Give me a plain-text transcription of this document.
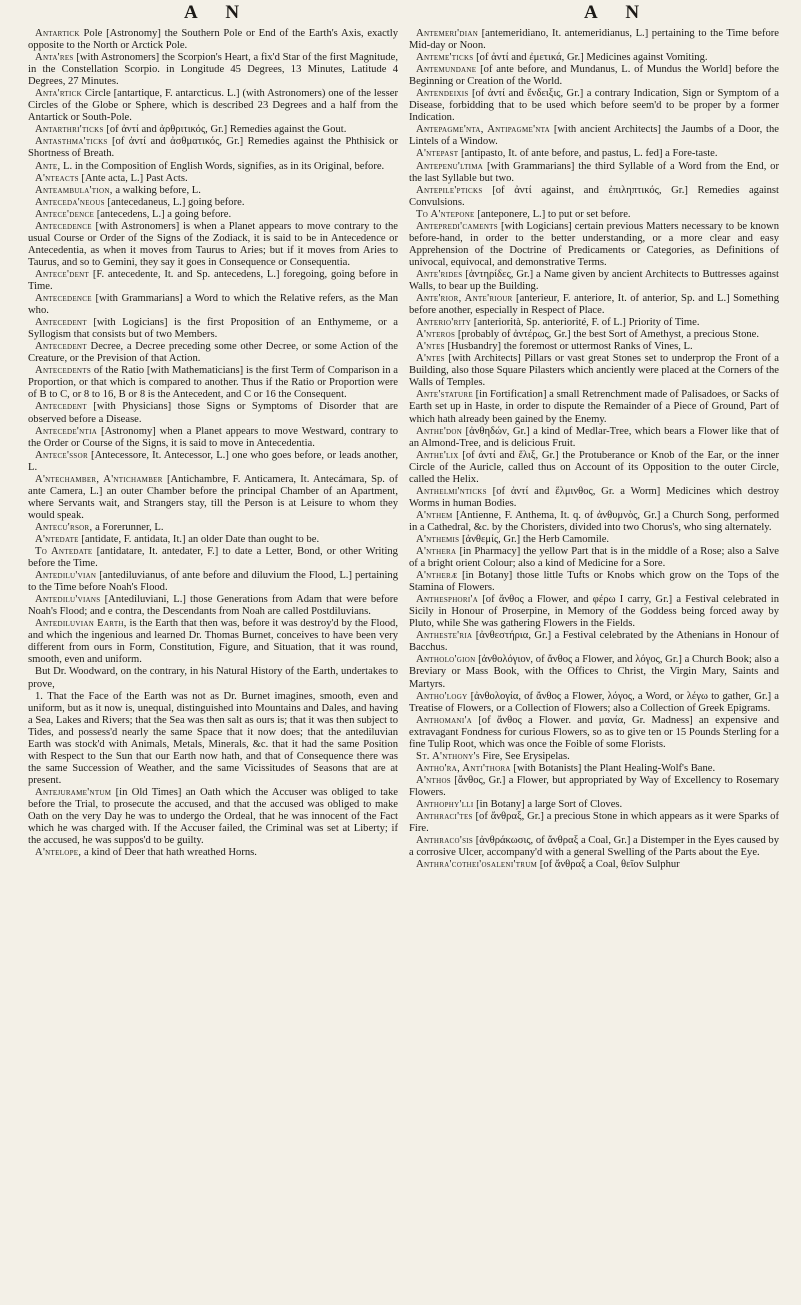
A N	A N

Antartick Pole [Astronomy] the Southern Pole or End of the Earth's Axis, exactly opposite to the North or Arctick Pole.

Anta'res [with Astronomers] the Scorpion's Heart, a fix'd Star of the first Magnitude, in the Constellation Scorpio. in Longitude 45 Degrees, 13 Minutes, Latitude 4 Degrees, 27 Minutes.

Anta'rtick Circle [antartique, F. antarcticus. L.] (with Astronomers) one of the lesser Circles of the Globe or Sphere, which is described 23 Degrees and a half from the Antartick or South-Pole.

Antarthri'ticks [of ἀντί and ἀρθριτικός, Gr.] Remedies against the Gout.

Antasthma'ticks [of ἀντί and ἀσθματικός, Gr.] Remedies against the Phthisick or Shortness of Breath.

Ante, L. in the Composition of English Words, signifies, as in its Original, before.

A'nteacts [Ante acta, L.] Past Acts.

Anteambula'tion, a walking before, L.

Anteceda'neous [antecedaneus, L.] going before.

Antece'dence [antecedens, L.] a going before.

Antecedence [with Astronomers] is when a Planet appears to move contrary to the usual Course or Order of the Signs of the Zodiack, it is said to be in Antecedence or Antecedentia, as when it moves from Taurus to Aries; but if it moves from Aries to Taurus, and so to Gemini, they say it goes in Consequence or Consequentia.

Antece'dent [F. antecedente, It. and Sp. antecedens, L.] foregoing, going before in Time.

Antecedence [with Grammarians] a Word to which the Relative refers, as the Man who.

Antecedent [with Logicians] is the first Proposition of an Enthymeme, or a Syllogism that consists but of two Members.

Antecedent Decree, a Decree preceding some other Decree, or some Action of the Creature, or the Prevision of that Action.

Antecedents of the Ratio [with Mathematicians] is the first Term of Comparison in a Proportion, or that which is compared to another. Thus if the Ratio or Proportion were of B to C, or 8 to 16, B or 8 is the Antecedent, and C or 16 the Consequent.

Antecedent [with Physicians] those Signs or Symptoms of Disorder that are observed before a Disease.

Antecede'ntia [Astronomy] when a Planet appears to move Westward, contrary to the Order or Course of the Signs, it is said to move in Antecedentia.

Antece'ssor [Antecessore, It. Antecessor, L.] one who goes before, or leads another, L.

A'ntechamber, A'ntichamber [Antichambre, F. Anticamera, It. Antecámara, Sp. of ante Camera, L.] an outer Chamber before the principal Chamber of an Apartment, where Servants wait, and Strangers stay, till the Person is at Leisure to whom they would speak.

Antecu'rsor, a Forerunner, L.

A'ntedate [antidate, F. antidata, It.] an older Date than ought to be.

To Antedate [antidatare, It. antedater, F.] to date a Letter, Bond, or other Writing before the Time.

Antedilu'vian [antediluvianus, of ante before and diluvium the Flood, L.] pertaining to the Time before Noah's Flood.

Antedilu'vians [Antediluviani, L.] those Generations from Adam that were before Noah's Flood; and e contra, the Descendants from Noah are called Postdiluvians.

Antediluvian Earth, is the Earth that then was, before it was destroy'd by the Flood, and which the ingenious and learned Dr. Thomas Burnet, conceives to have been very different from ours in Form, Constitution, Figure, and Situation, that it was round, smooth, even and uniform.

But Dr. Woodward, on the contrary, in his Natural History of the Earth, undertakes to prove,

1. That the Face of the Earth was not as Dr. Burnet imagines, smooth, even and uniform, but as it now is, unequal, distinguished into Mountains and Dales, and having a Sea, Lakes and Rivers; that the Sea was then salt as ours is; that it was then subject to Tides, and possess'd nearly the same Space that it now does; that the antediluvian Earth was stock'd with Animals, Metals, Minerals, &c. that it had the same Position with Respect to the Sun that our Earth now hath, and that of Consequence there was the same Succession of Weather, and the same Vicissitudes of Seasons that are at present.

Antejurame'ntum [in Old Times] an Oath which the Accuser was obliged to take before the Trial, to prosecute the accused, and that the accused was obliged to make Oath on the very Day he was to undergo the Ordeal, that he was innocent of the Fact which he was charged with. If the Accuser failed, the Criminal was set at Liberty; if the accused, he was suppos'd to be guilty.

A'ntelope, a kind of Deer that hath wreathed Horns.

Antemeri'dian [antemeridiano, It. antemeridianus, L.] pertaining to the Time before Mid-day or Noon.

Anteme'ticks [of ἀντί and ἐμετικά, Gr.] Medicines against Vomiting.

Antemundane [of ante before, and Mundanus, L. of Mundus the World] before the Beginning or Creation of the World.

Antendeixis [of ἀντί and ἔνδειξις, Gr.] a contrary Indication, Sign or Symptom of a Disease, forbidding that to be used which before seem'd to be proper by a former Indication.

Antepagme'nta, Antipagme'nta [with ancient Architects] the Jaumbs of a Door, the Lintels of a Window.

A'ntepast [antipasto, It. of ante before, and pastus, L. fed] a Fore-taste.

Antepenu'ltima [with Grammarians] the third Syllable of a Word from the End, or the last Syllable but two.

Antepile'pticks [of ἀντί against, and ἐπιληπτικός, Gr.] Remedies against Convulsions.

To A'ntepone [anteponere, L.] to put or set before.

Antepredi'caments [with Logicians] certain previous Matters necessary to be known before-hand, in order to the better understanding, or a more clear and easy Apprehension of the Doctrine of Predicaments or Categories, as Definitions of univocal, equivocal, and demonstrative Terms.

Ante'rides [ἀντηρίδες, Gr.] a Name given by ancient Architects to Buttresses against Walls, to bear up the Building.

Ante'rior, Ante'riour [anterieur, F. anteriore, It. of anterior, Sp. and L.] Something before another, especially in Respect of Place.

Anterio'rity [anteriorità, Sp. anteriorité, F. of L.] Priority of Time.

A'nteros [probably of ἀντέρως, Gr.] the best Sort of Amethyst, a precious Stone.

A'ntes [Husbandry] the foremost or uttermost Ranks of Vines, L.

A'ntes [with Architects] Pillars or vast great Stones set to underprop the Front of a Building, also those Square Pilasters which anciently were placed at the Corners of the Walls of Temples.

Ante'stature [in Fortification] a small Retrenchment made of Palisadoes, or Sacks of Earth set up in Haste, in order to dispute the Remainder of a Piece of Ground, Part of which hath already been gained by the Enemy.

Anthe'don [ἀνθηδών, Gr.] a kind of Medlar-Tree, which bears a Flower like that of an Almond-Tree, and is delicious Fruit.

Anthe'lix [of ἀντί and ἕλιξ, Gr.] the Protuberance or Knob of the Ear, or the inner Circle of the Auricle, called thus on Account of its Opposition to the outer Circle, called the Helix.

Anthelmi'nticks [of ἀντί and ἕλμινθος, Gr. a Worm] Medicines which destroy Worms in human Bodies.

A'nthem [Antienne, F. Anthema, It. q. of ἀνθυμνὸς, Gr.] a Church Song, performed in a Cathedral, &c. by the Choristers, divided into two Chorus's, who sing alternately.

A'nthemis [ἀνθεμίς, Gr.] the Herb Camomile.

A'nthera [in Pharmacy] the yellow Part that is in the middle of a Rose; also a Salve of a bright orient Colour; also a kind of Medicine for a Sore.

A'ntheræ [in Botany] those little Tufts or Knobs which grow on the Tops of the Stamina of Flowers.

Anthesphori'a [of ἄνθος a Flower, and φέρω I carry, Gr.] a Festival celebrated in Sicily in Honour of Proserpine, in Memory of the Goddess being forced away by Pluto, while She was gathering Flowers in the Fields.

Antheste'ria [ἀνθεστήρια, Gr.] a Festival celebrated by the Athenians in Honour of Bacchus.

Antholo'gion [ἀνθολόγιον, of ἄνθος a Flower, and λόγος, Gr.] a Church Book; also a Breviary or Mass Book, with the Offices to Christ, the Virgin Mary, Saints and Martyrs.

Antho'logy [ἀνθολογία, of ἄνθος a Flower, λόγος, a Word, or λέγω to gather, Gr.] a Treatise of Flowers, or a Collection of Flowers; also a Collection of Greek Epigrams.

Anthomani'a [of ἄνθος a Flower. and μανία, Gr. Madness] an expensive and extravagant Fondness for curious Flowers, so as to give ten or 15 Pounds Sterling for a fine Tulip Root, which was once the Foible of some Florists.

St. A'nthony's Fire, See Erysipelas.

Antho'ra, Anti'thora [with Botanists] the Plant Healing-Wolf's Bane.

A'nthos [ἄνθος, Gr.] a Flower, but appropriated by Way of Excellency to Rosemary Flowers.

Anthophy'lli [in Botany] a large Sort of Cloves.

Anthraci'tes [of ἄνθραξ, Gr.] a precious Stone in which appears as it were Sparks of Fire.

Anthraco'sis [ἀνθράκωσις, of ἄνθραξ a Coal, Gr.] a Distemper in the Eyes caused by a corrosive Ulcer, accompany'd with a general Swelling of the Parts about the Eye.

Anthra'cothei'osaleni'trum [of ἄνθραξ a Coal, θεῖον Sulphur
